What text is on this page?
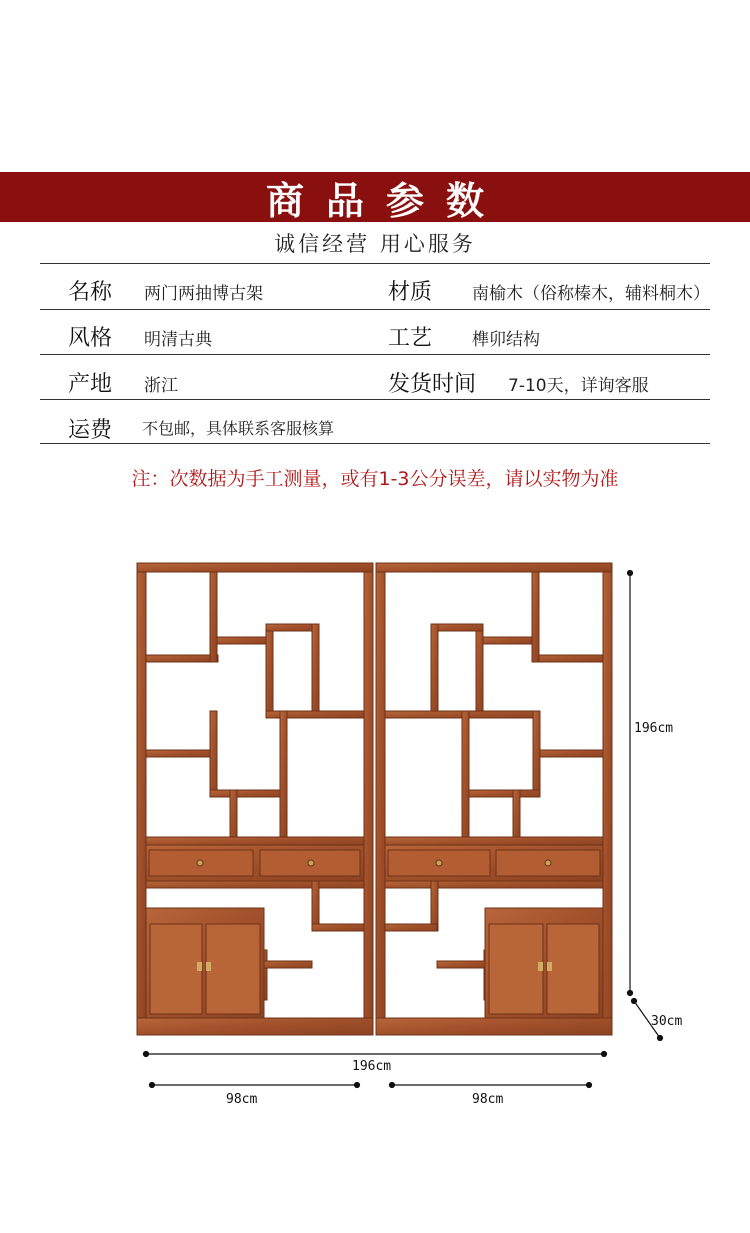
商品参数
诚信经营 用心服务
名称 两门两抽博古架	材质 南榆木（俗称榛木，辅料桐木）
风格 明清古典	工艺 榫卯结构
产地 浙江	发货时间 7-10天，详询客服
运费 不包邮，具体联系客服核算
注：次数据为手工测量，或有1-3公分误差，请以实物为准
196cm
30cm
196cm
98cm	98cm
